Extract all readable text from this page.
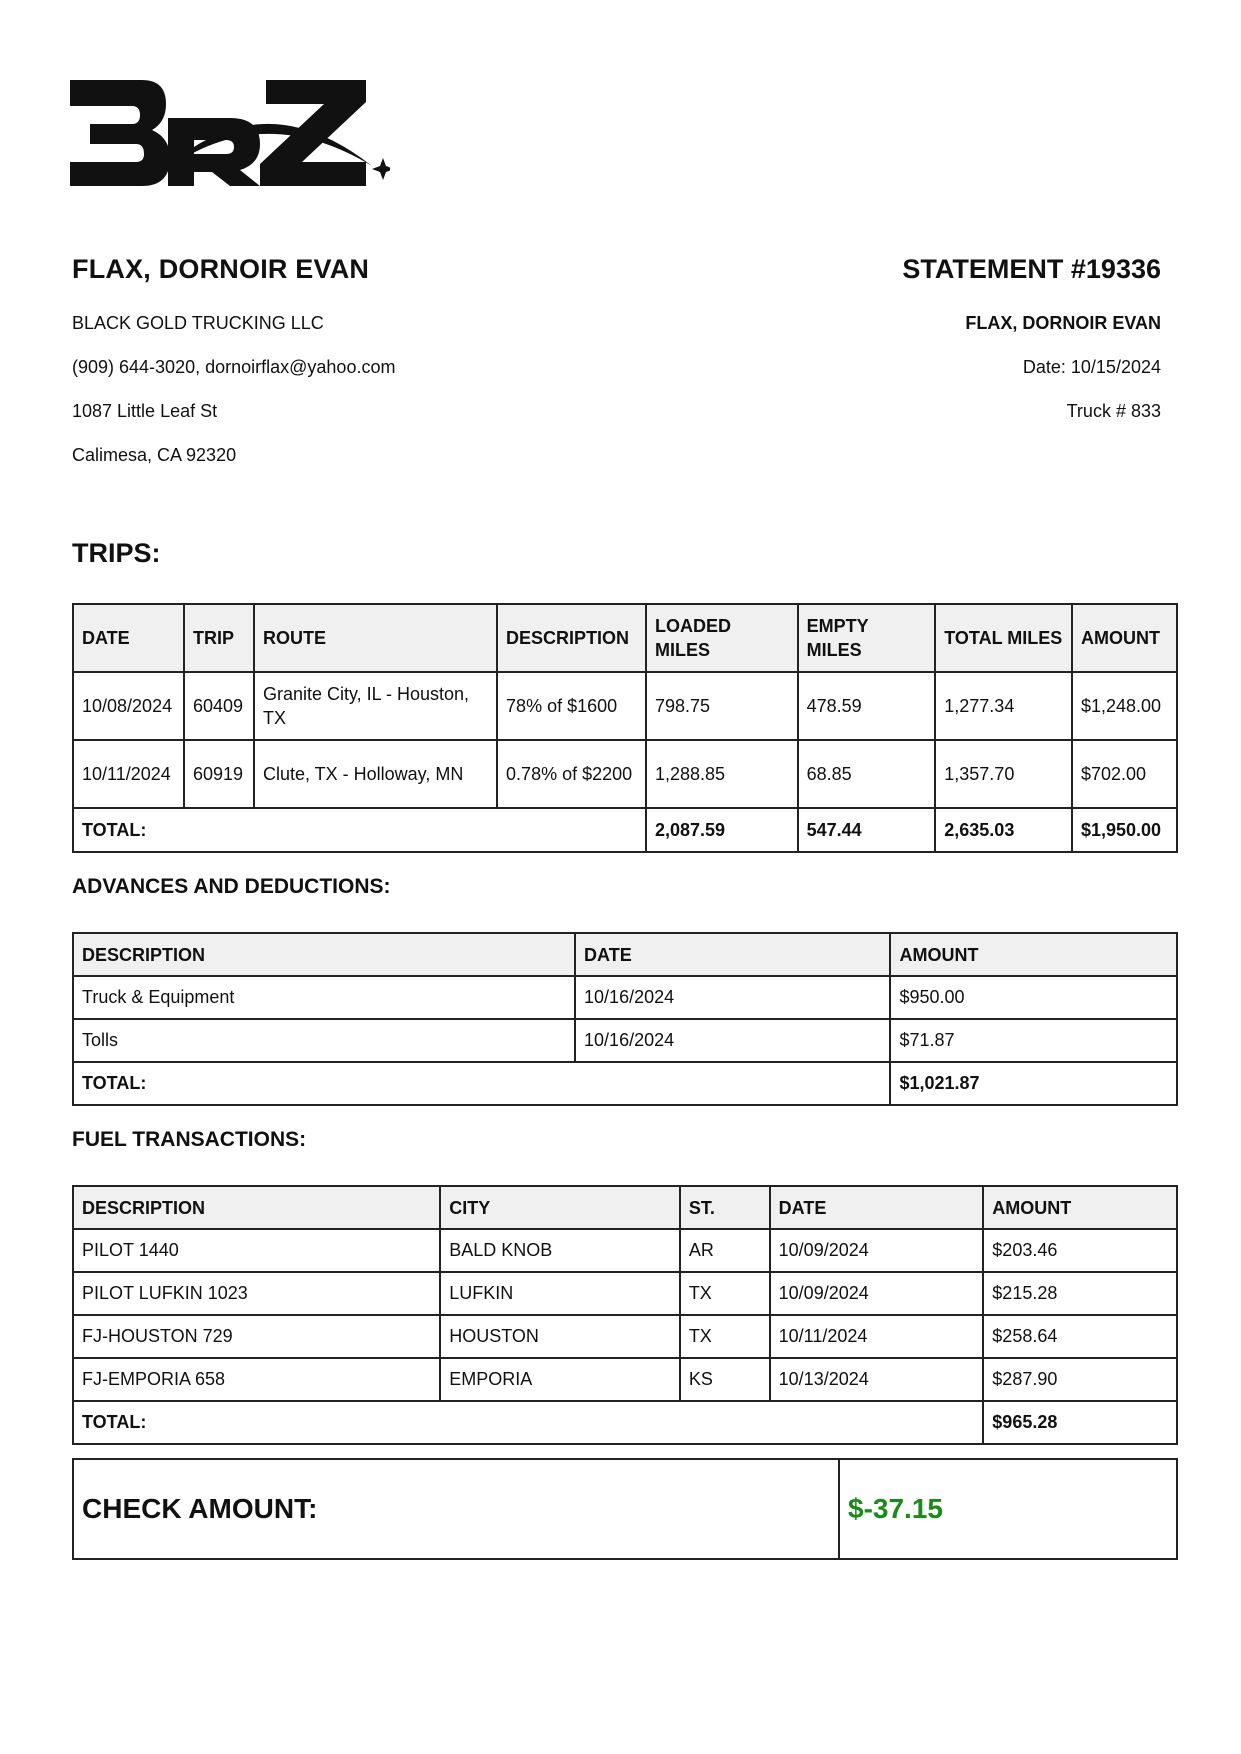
FLAX, DORNOIR EVAN
BLACK GOLD TRUCKING LLC
(909) 644-3020, dornoirflax@yahoo.com
1087 Little Leaf St
Calimesa, CA 92320
STATEMENT #19336
FLAX, DORNOIR EVAN
Date: 10/15/2024
Truck # 833
TRIPS:
DATE	TRIP	ROUTE	DESCRIPTION	LOADED MILES	EMPTY MILES	TOTAL MILES	AMOUNT
10/08/2024	60409	Granite City, IL - Houston, TX	78% of $1600	798.75	478.59	1,277.34	$1,248.00
10/11/2024	60919	Clute, TX - Holloway, MN	0.78% of $2200	1,288.85	68.85	1,357.70	$702.00
TOTAL:				2,087.59	547.44	2,635.03	$1,950.00
ADVANCES AND DEDUCTIONS:
DESCRIPTION	DATE	AMOUNT
Truck & Equipment	10/16/2024	$950.00
Tolls	10/16/2024	$71.87
TOTAL:		$1,021.87
FUEL TRANSACTIONS:
DESCRIPTION	CITY	ST.	DATE	AMOUNT
PILOT 1440	BALD KNOB	AR	10/09/2024	$203.46
PILOT LUFKIN 1023	LUFKIN	TX	10/09/2024	$215.28
FJ-HOUSTON 729	HOUSTON	TX	10/11/2024	$258.64
FJ-EMPORIA 658	EMPORIA	KS	10/13/2024	$287.90
TOTAL:				$965.28
CHECK AMOUNT:	$-37.15
